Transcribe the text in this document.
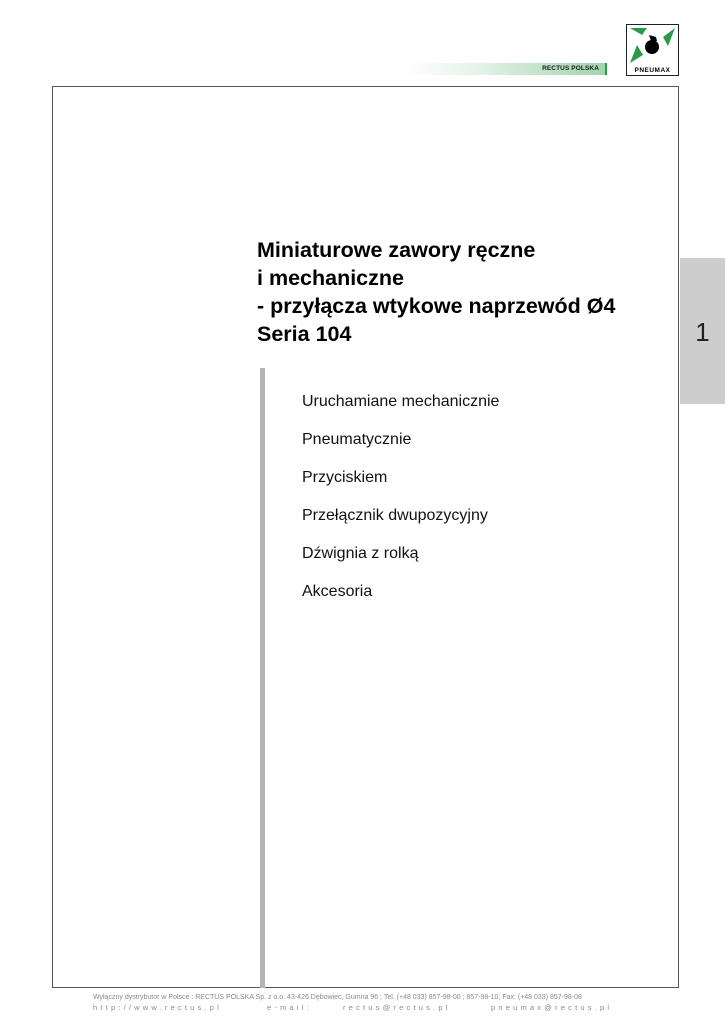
RECTUS POLSKA	PNEUMAX
1
Miniaturowe zawory ręczne
i mechaniczne
- przyłącza wtykowe naprzewód Ø4
Seria 104
Uruchamiane mechanicznie
Pneumatycznie
Przyciskiem
Przełącznik dwupozycyjny
Dźwignia z rolką
Akcesoria
Wyłączny dystrybutor w Polsce : RECTUS POLSKA Sp. z o.o. 43-426 Dębowiec, Gumna 96 ; Tel. (+48 033) 857-98-00 ; 857-98-10; Fax: (+48 033) 857-98-08
http://www.rectus.pl	e-mail:	rectus@rectus.pl	pneumax@rectus.pl
